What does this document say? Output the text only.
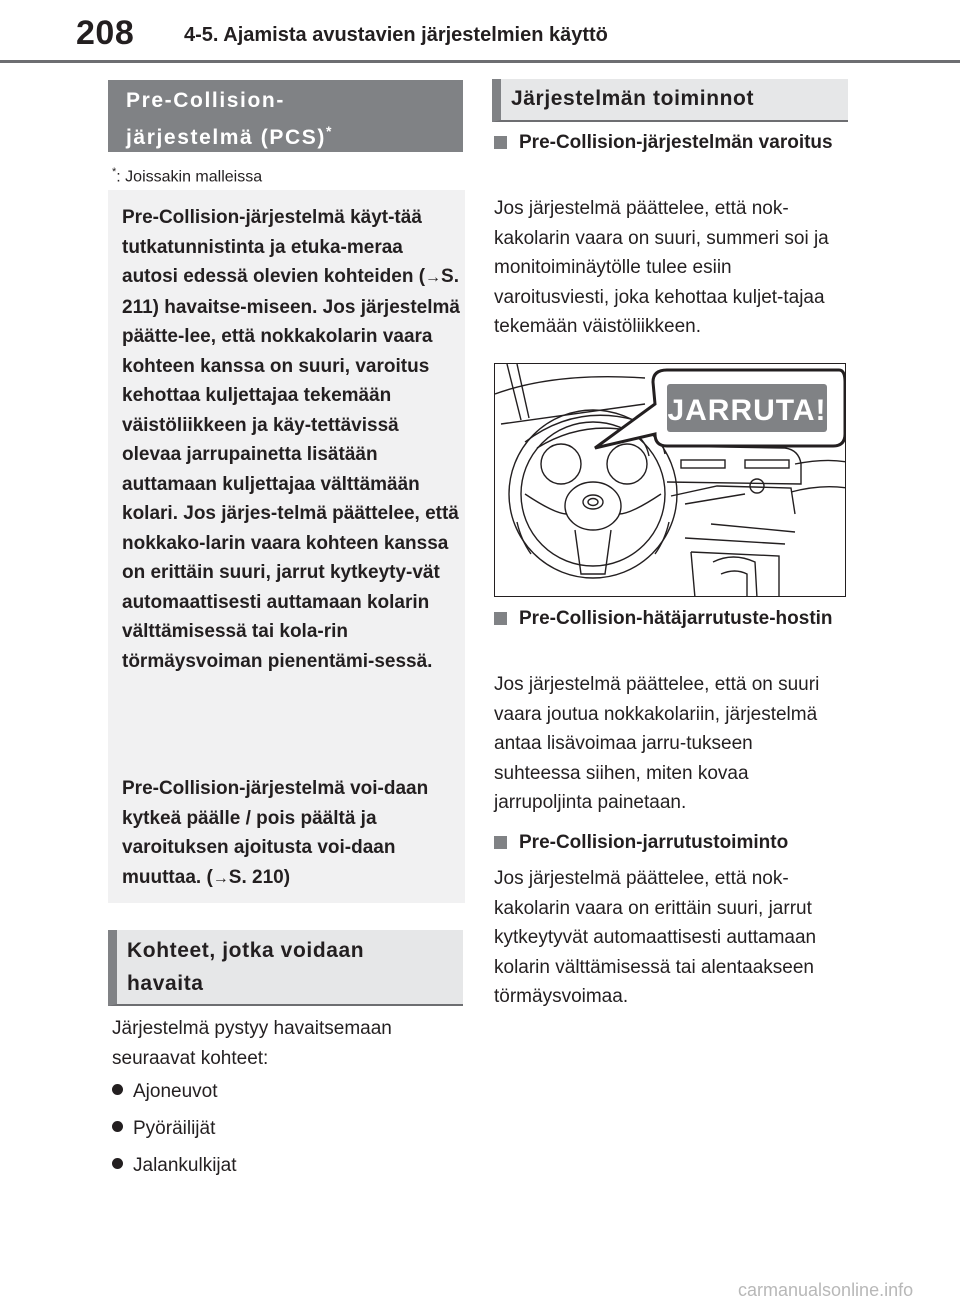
208 4-5. Ajamista avustavien järjestelmien käyttö
Pre-Collision-
järjestelmä (PCS)*
*: Joissakin malleissa

Pre-Collision-järjestelmä käyt-tää tutkatunnistinta ja etuka-meraa autosi edessä olevien kohteiden (→S. 211) havaitse-miseen. Jos järjestelmä päätte-lee, että nokkakolarin vaara kohteen kanssa on suuri, varoitus kehottaa kuljettajaa tekemään väistöliikkeen ja käy-tettävissä olevaa jarrupainetta lisätään auttamaan kuljettajaa välttämään kolari. Jos järjes-telmä päättelee, että nokkako-larin vaara kohteen kanssa on erittäin suuri, jarrut kytkeyty-vät automaattisesti auttamaan kolarin välttämisessä tai kola-rin törmäysvoiman pienentämi-sessä.

Pre-Collision-järjestelmä voi-daan kytkeä päälle / pois päältä ja varoituksen ajoitusta voi-daan muuttaa. (→S. 210)

Kohteet, jotka voidaan havaita

Järjestelmä pystyy havaitsemaan seuraavat kohteet:

Ajoneuvot
Pyöräilijät
Jalankulkijat
Järjestelmän toiminnot
Pre-Collision-järjestelmän varoitus

Jos järjestelmä päättelee, että nok-kakolarin vaara on suuri, summeri soi ja monitoiminäytölle tulee esiin varoitusviesti, joka kehottaa kuljet-tajaa tekemään väistöliikkeen.

JARRUTA!
Pre-Collision-hätäjarrutuste-hostin

Jos järjestelmä päättelee, että on suuri vaara joutua nokkakolariin, järjestelmä antaa lisävoimaa jarru-tukseen suhteessa siihen, miten kovaa jarrupoljinta painetaan.

Pre-Collision-jarrutustoiminto

Jos järjestelmä päättelee, että nok-kakolarin vaara on erittäin suuri, jarrut kytkeytyvät automaattisesti auttamaan kolarin välttämisessä tai alentaakseen törmäysvoimaa.

carmanualsonline.info
